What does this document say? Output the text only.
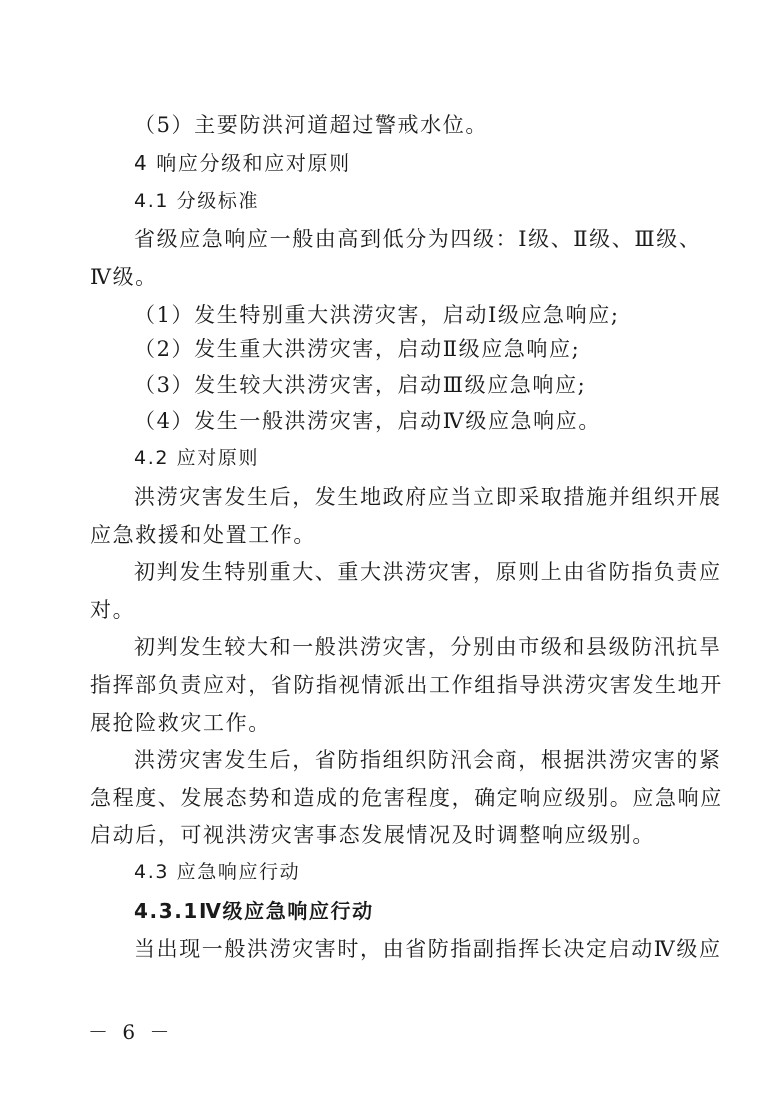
（5）主要防洪河道超过警戒水位。
4 响应分级和应对原则
4.1 分级标准
省级应急响应一般由高到低分为四级：Ⅰ级、Ⅱ级、Ⅲ级、
Ⅳ级。
（1）发生特别重大洪涝灾害，启动Ⅰ级应急响应;
（2）发生重大洪涝灾害，启动Ⅱ级应急响应;
（3）发生较大洪涝灾害，启动Ⅲ级应急响应;
（4）发生一般洪涝灾害，启动Ⅳ级应急响应。
4.2 应对原则
洪涝灾害发生后，发生地政府应当立即采取措施并组织开展
应急救援和处置工作。
初判发生特别重大、重大洪涝灾害，原则上由省防指负责应
对。
初判发生较大和一般洪涝灾害，分别由市级和县级防汛抗旱
指挥部负责应对，省防指视情派出工作组指导洪涝灾害发生地开
展抢险救灾工作。
洪涝灾害发生后，省防指组织防汛会商，根据洪涝灾害的紧
急程度、发展态势和造成的危害程度，确定响应级别。应急响应
启动后，可视洪涝灾害事态发展情况及时调整响应级别。
4.3 应急响应行动
4.3.1Ⅳ级应急响应行动
当出现一般洪涝灾害时，由省防指副指挥长决定启动Ⅳ级应
－ 6 －
